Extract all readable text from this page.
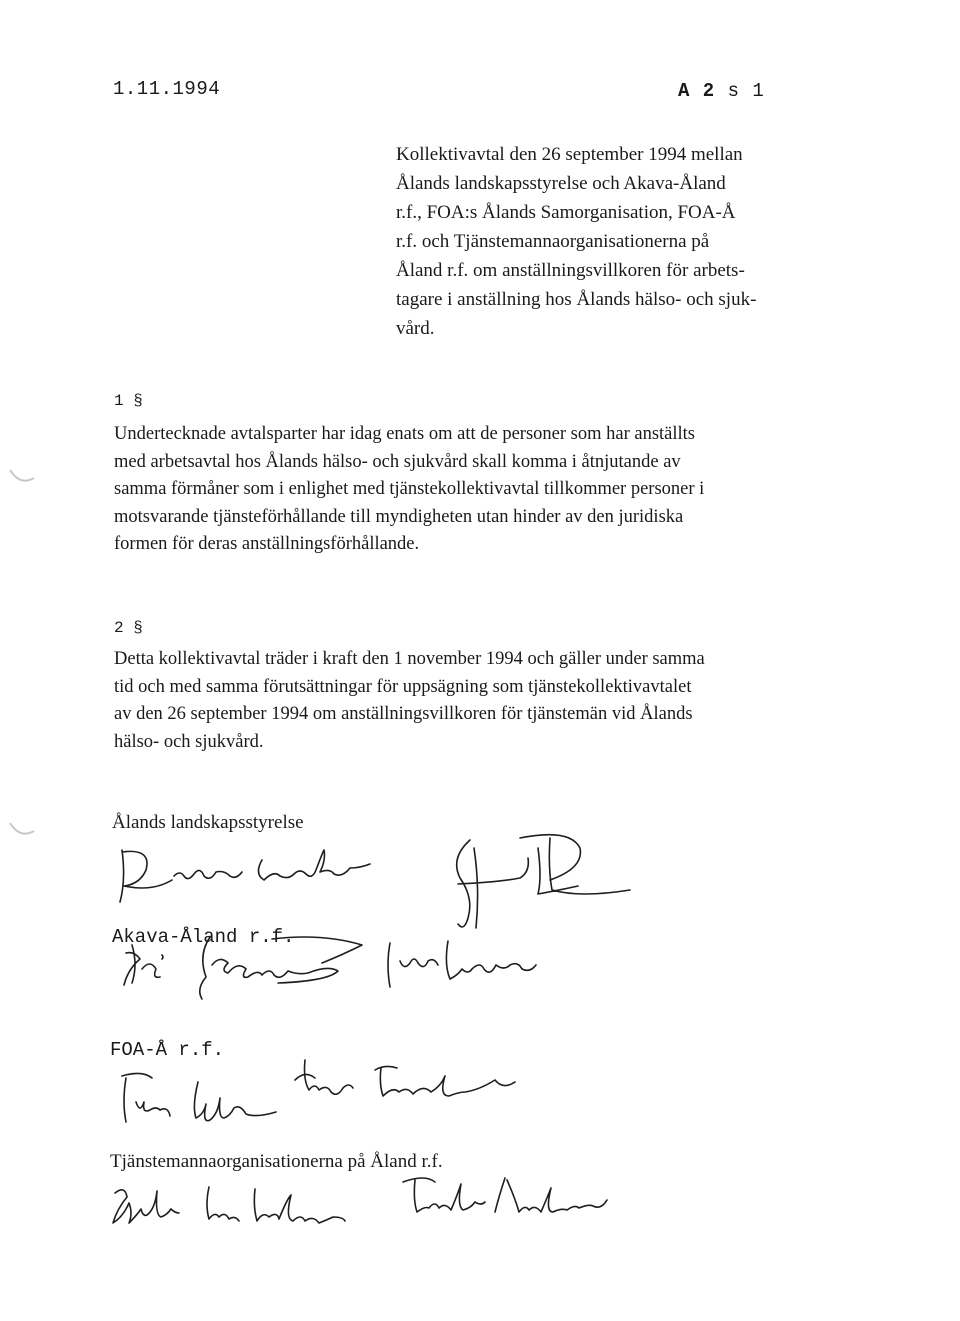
1.11.1994	A 2 s 1
Kollektivavtal den 26 september 1994 mellan
Ålands landskapsstyrelse och Akava-Åland
r.f., FOA:s Ålands Samorganisation, FOA-Å
r.f. och Tjänstemannaorganisationerna på
Åland r.f. om anställningsvillkoren för arbets-
tagare i anställning hos Ålands hälso- och sjuk-
vård.
1 §
Undertecknade avtalsparter har idag enats om att de personer som har anställts
med arbetsavtal hos Ålands hälso- och sjukvård skall komma i åtnjutande av
samma förmåner som i enlighet med tjänstekollektivavtal tillkommer personer i
motsvarande tjänsteförhållande till myndigheten utan hinder av den juridiska
formen för deras anställningsförhållande.
2 §
Detta kollektivavtal träder i kraft den 1 november 1994 och gäller under samma
tid och med samma förutsättningar för uppsägning som tjänstekollektivavtalet
av den 26 september 1994 om anställningsvillkoren för tjänstemän vid Ålands
hälso- och sjukvård.
Ålands landskapsstyrelse
Akava-Åland r.f.
FOA-Å r.f.
Tjänstemannaorganisationerna på Åland r.f.
